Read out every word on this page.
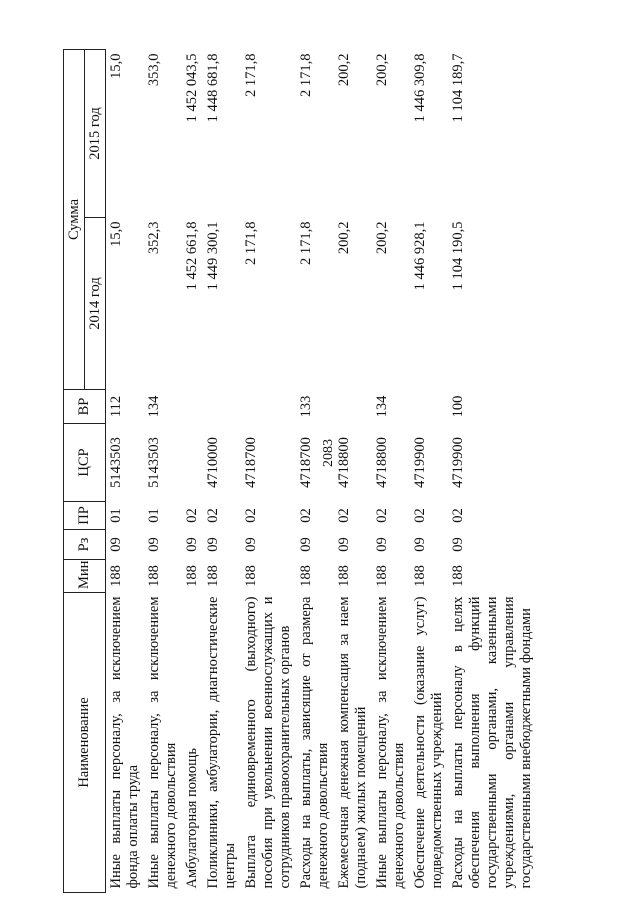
2083
Наименование	Мин	Рз	ПР	ЦСР	ВР	Сумма	
						2014 год	2015 год
Иные выплаты персоналу, за исключением фонда оплаты труда	188	09	01	5143503	112	15,0	15,0
Иные выплаты персоналу, за исключением денежного довольствия	188	09	01	5143503	134	352,3	353,0
Амбулаторная помощь	188	09	02			1 452 661,8	1 452 043,5
Поликлиники, амбулатории, диагностические центры	188	09	02	4710000		1 449 300,1	1 448 681,8
Выплата единовременного (выходного) пособия при увольнении военнослужащих и сотрудников правоохранительных органов	188	09	02	4718700		2 171,8	2 171,8
Расходы на выплаты, зависящие от размера денежного довольствия	188	09	02	4718700	133	2 171,8	2 171,8
Ежемесячная денежная компенсация за наем (поднаем) жилых помещений	188	09	02	4718800		200,2	200,2
Иные выплаты персоналу, за исключением денежного довольствия	188	09	02	4718800	134	200,2	200,2
Обеспечение деятельности (оказание услуг) подведомственных учреждений	188	09	02	4719900		1 446 928,1	1 446 309,8
Расходы на выплаты персоналу в целях обеспечения выполнения функций государственными органами, казенными учреждениями, органами управления государственными внебюджетными фондами	188	09	02	4719900	100	1 104 190,5	1 104 189,7
